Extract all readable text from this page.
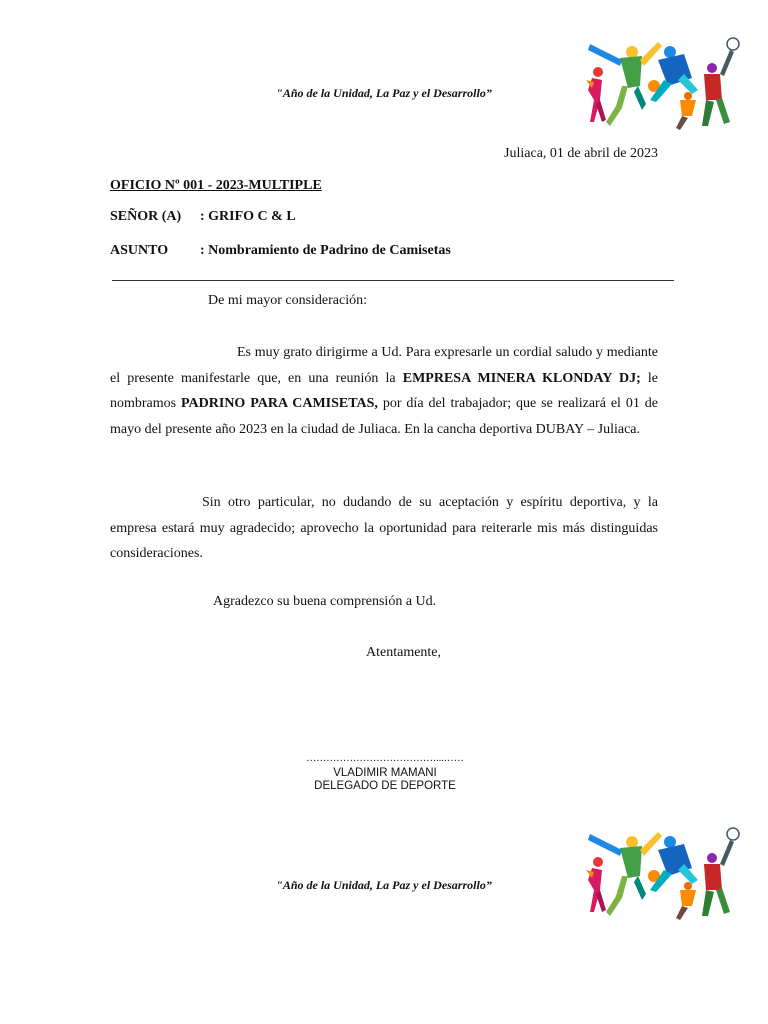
"Año de la Unidad, La Paz y el Desarrollo”
Juliaca, 01 de abril de 2023
OFICIO Nº 001 - 2023-MULTIPLE
SEÑOR (A) : GRIFO C & L
ASUNTO : Nombramiento de Padrino de Camisetas
De mi mayor consideración:
Es muy grato dirigirme a Ud. Para expresarle un cordial saludo y mediante el presente manifestarle que, en una reunión la EMPRESA MINERA KLONDAY DJ; le nombramos PADRINO PARA CAMISETAS, por día del trabajador; que se realizará el 01 de mayo del presente año 2023 en la ciudad de Juliaca. En la cancha deportiva DUBAY – Juliaca.
Sin otro particular, no dudando de su aceptación y espíritu deportiva, y la empresa estará muy agradecido; aprovecho la oportunidad para reiterarle mis más distinguidas consideraciones.
Agradezco su buena comprensión a Ud.
Atentamente,
…………………………………...……
VLADIMIR MAMANI
DELEGADO DE DEPORTE
"Año de la Unidad, La Paz y el Desarrollo”
